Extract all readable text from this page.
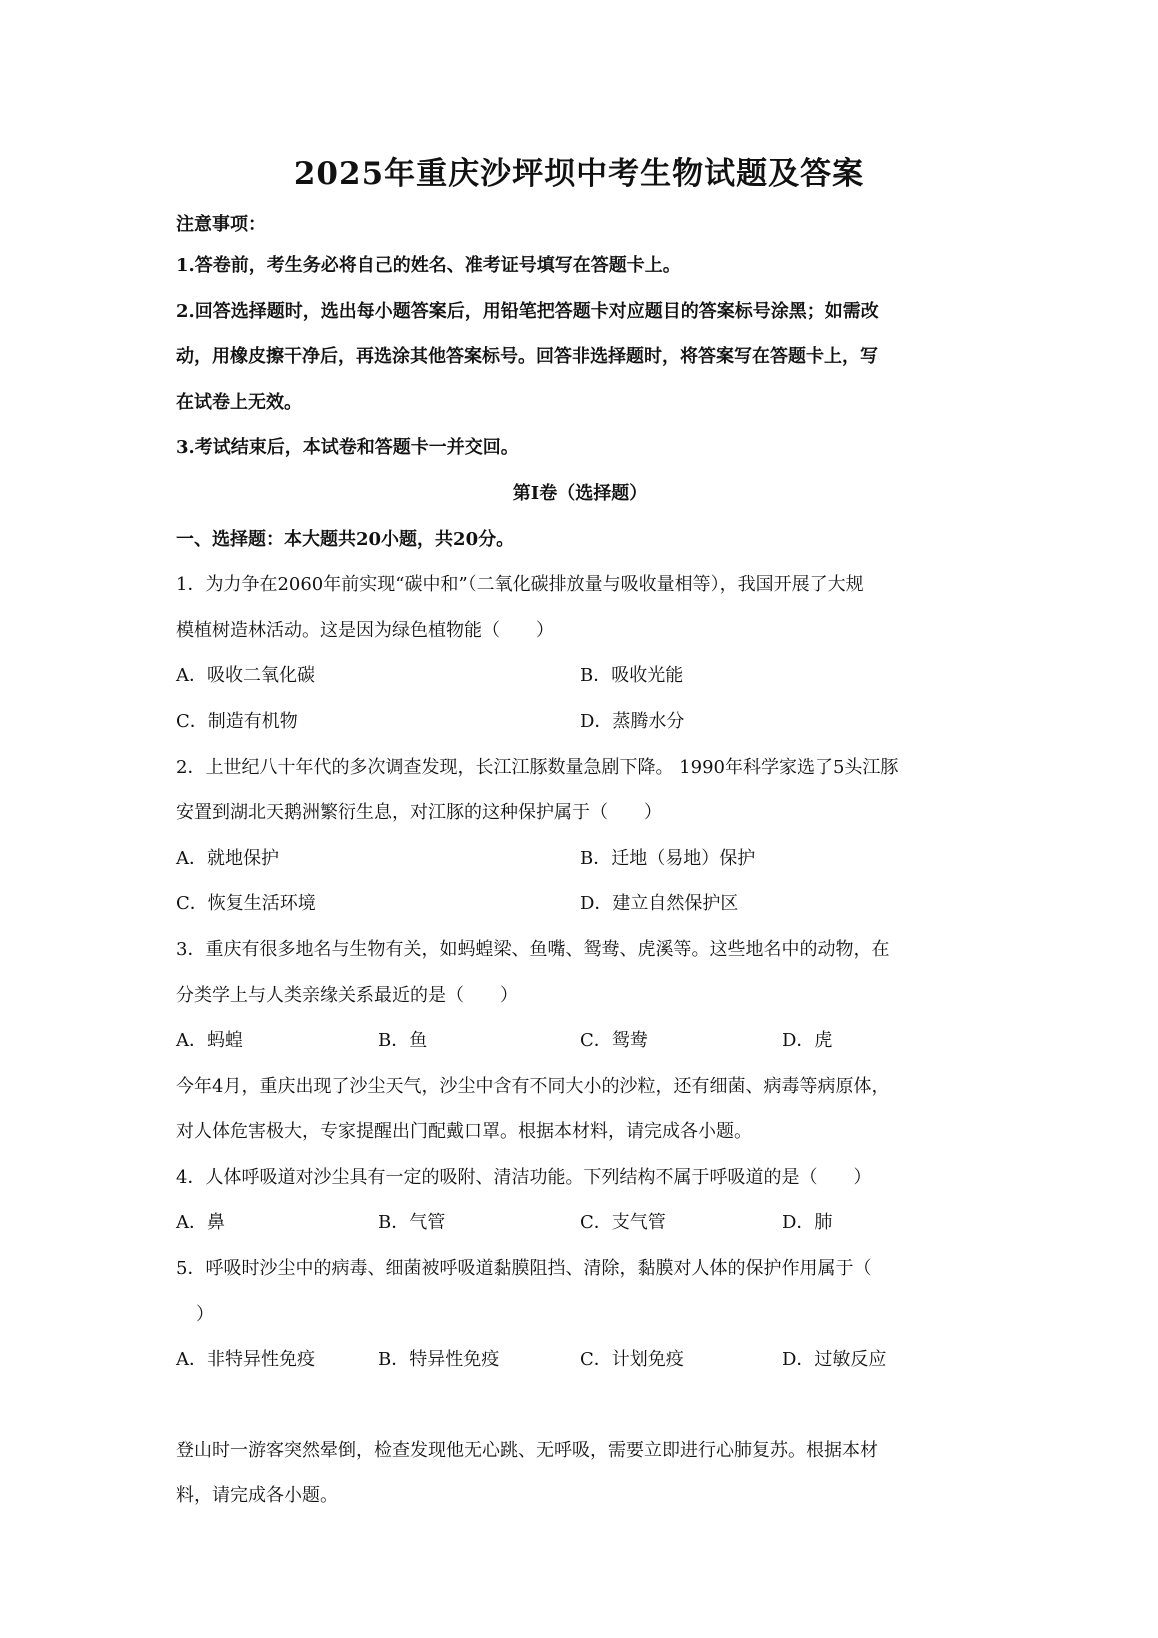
2025年重庆沙坪坝中考生物试题及答案
注意事项：
1.答卷前，考生务必将自己的姓名、准考证号填写在答题卡上。
2.回答选择题时，选出每小题答案后，用铅笔把答题卡对应题目的答案标号涂黑；如需改
动，用橡皮擦干净后，再选涂其他答案标号。回答非选择题时，将答案写在答题卡上，写
在试卷上无效。
3.考试结束后，本试卷和答题卡一并交回。
第Ⅰ卷（选择题）
一、选择题：本大题共20小题，共20分。
1．为力争在2060年前实现“碳中和”（二氧化碳排放量与吸收量相等），我国开展了大规
模植树造林活动。这是因为绿色植物能（　　）
A．吸收二氧化碳	B．吸收光能
C．制造有机物	D．蒸腾水分
2．上世纪八十年代的多次调查发现，长江江豚数量急剧下降。 1990年科学家选了5头江豚
安置到湖北天鹅洲繁衍生息，对江豚的这种保护属于（　　）
A．就地保护	B．迁地（易地）保护
C．恢复生活环境	D．建立自然保护区
3．重庆有很多地名与生物有关，如蚂蝗梁、鱼嘴、鸳鸯、虎溪等。这些地名中的动物，在
分类学上与人类亲缘关系最近的是（　　）
A．蚂蝗	B．鱼	C．鸳鸯	D．虎
今年4月，重庆出现了沙尘天气，沙尘中含有不同大小的沙粒，还有细菌、病毒等病原体，
对人体危害极大，专家提醒出门配戴口罩。根据本材料，请完成各小题。
4．人体呼吸道对沙尘具有一定的吸附、清洁功能。下列结构不属于呼吸道的是（　　）
A．鼻	B．气管	C．支气管	D．肺
5．呼吸时沙尘中的病毒、细菌被呼吸道黏膜阻挡、清除，黏膜对人体的保护作用属于（
）
A．非特异性免疫	B．特异性免疫	C．计划免疫	D．过敏反应
登山时一游客突然晕倒，检查发现他无心跳、无呼吸，需要立即进行心肺复苏。根据本材
料，请完成各小题。
